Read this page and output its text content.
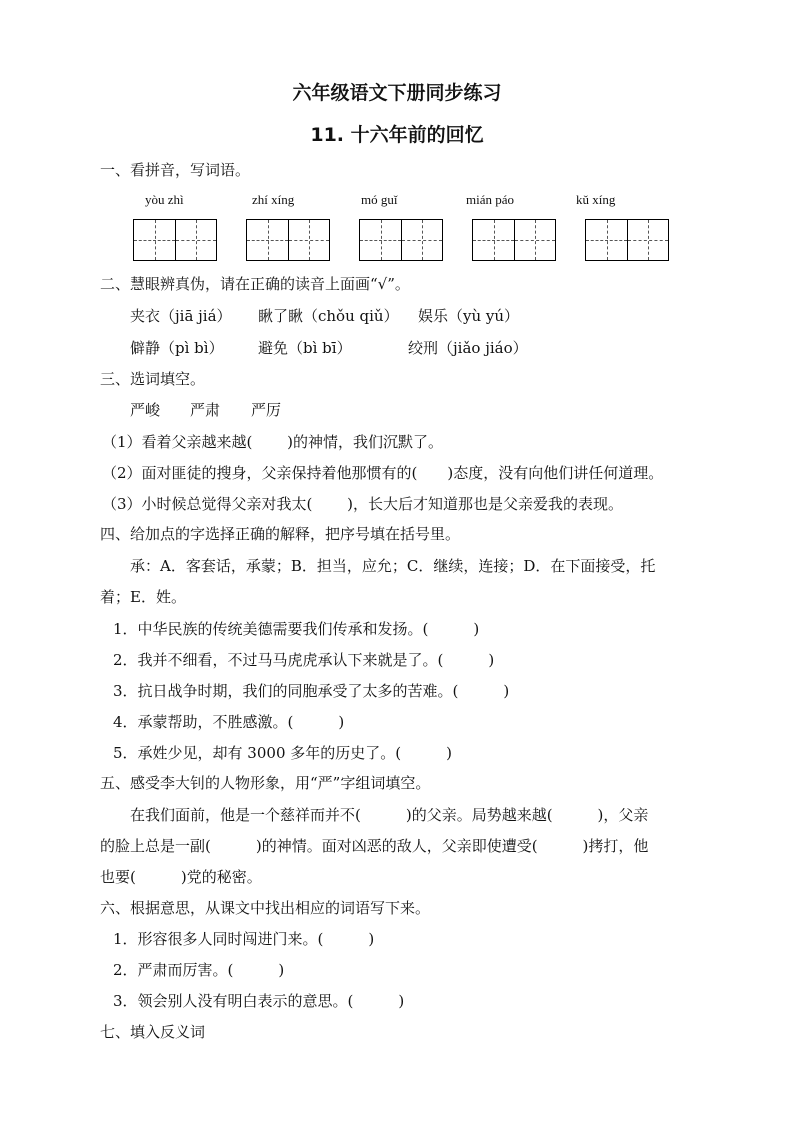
六年级语文下册同步练习
11. 十六年前的回忆
一、看拼音，写词语。
yòu zhì	zhí xíng	mó guǐ	mián páo	kǔ xíng
二、慧眼辨真伪，请在正确的读音上面画“√”。
夹衣（jiā jiá） 瞅了瞅（chǒu qiǔ） 娱乐（yù yú）
僻静（pì bì） 避免（bì bī）	绞刑（jiǎo jiáo）
三、选词填空。
严峻 严肃 严厉
（1）看着父亲越来越(　　 )的神情，我们沉默了。
（2）面对匪徒的搜身，父亲保持着他那惯有的(　　)态度，没有向他们讲任何道理。
（3）小时候总觉得父亲对我太(　　 )，长大后才知道那也是父亲爱我的表现。
四、给加点的字选择正确的解释，把序号填在括号里。
承：A．客套话，承蒙；B．担当，应允；C．继续，连接；D．在下面接受，托
着；E．姓。
1．中华民族的传统美德需要我们传承和发扬。(　　　)
2．我并不细看，不过马马虎虎承认下来就是了。(　　　)
3．抗日战争时期，我们的同胞承受了太多的苦难。(　　　)
4．承蒙帮助，不胜感激。(　　　)
5．承姓少见，却有 3000 多年的历史了。(　　　)
五、感受李大钊的人物形象，用“严”字组词填空。
在我们面前，他是一个慈祥而并不(　　　)的父亲。局势越来越(　　　)，父亲
的脸上总是一副(　　　)的神情。面对凶恶的敌人，父亲即使遭受(　　　)拷打，他
也要(　　　)党的秘密。
六、根据意思，从课文中找出相应的词语写下来。
1．形容很多人同时闯进门来。(　　　)
2．严肃而厉害。(　　　)
3．领会别人没有明白表示的意思。(　　　)
七、填入反义词
